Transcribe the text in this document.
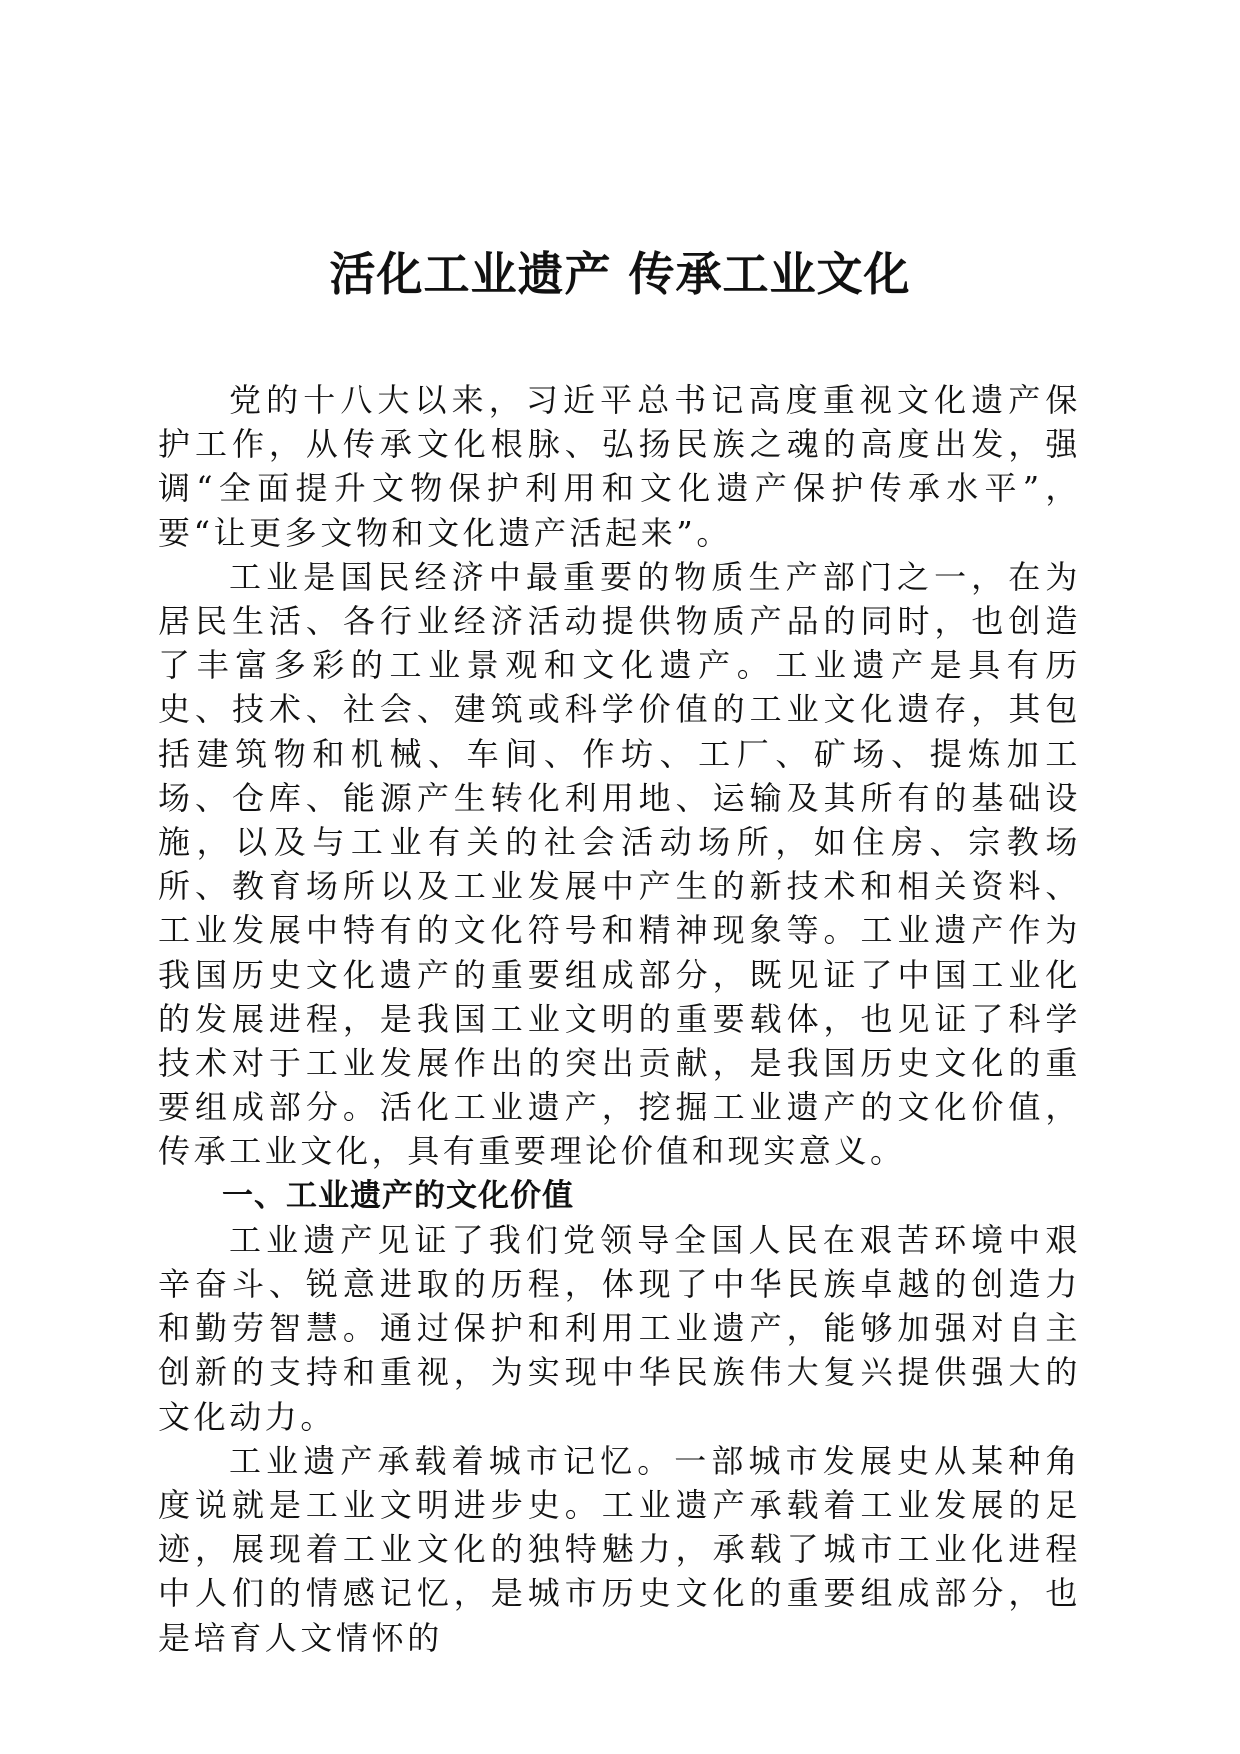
活化工业遗产 传承工业文化

党的十八大以来，习近平总书记高度重视文化遗产保护工作，从传承文化根脉、弘扬民族之魂的高度出发，强调“全面提升文物保护利用和文化遗产保护传承水平”，要“让更多文物和文化遗产活起来”。

工业是国民经济中最重要的物质生产部门之一，在为居民生活、各行业经济活动提供物质产品的同时，也创造了丰富多彩的工业景观和文化遗产。工业遗产是具有历史、技术、社会、建筑或科学价值的工业文化遗存，其包括建筑物和机械、车间、作坊、工厂、矿场、提炼加工场、仓库、能源产生转化利用地、运输及其所有的基础设施，以及与工业有关的社会活动场所，如住房、宗教场所、教育场所以及工业发展中产生的新技术和相关资料、工业发展中特有的文化符号和精神现象等。工业遗产作为我国历史文化遗产的重要组成部分，既见证了中国工业化的发展进程，是我国工业文明的重要载体，也见证了科学技术对于工业发展作出的突出贡献，是我国历史文化的重要组成部分。活化工业遗产，挖掘工业遗产的文化价值，传承工业文化，具有重要理论价值和现实意义。

一、工业遗产的文化价值

工业遗产见证了我们党领导全国人民在艰苦环境中艰辛奋斗、锐意进取的历程，体现了中华民族卓越的创造力和勤劳智慧。通过保护和利用工业遗产，能够加强对自主创新的支持和重视，为实现中华民族伟大复兴提供强大的文化动力。

工业遗产承载着城市记忆。一部城市发展史从某种角度说就是工业文明进步史。工业遗产承载着工业发展的足迹，展现着工业文化的独特魅力，承载了城市工业化进程中人们的情感记忆，是城市历史文化的重要组成部分，也是培育人文情怀的
